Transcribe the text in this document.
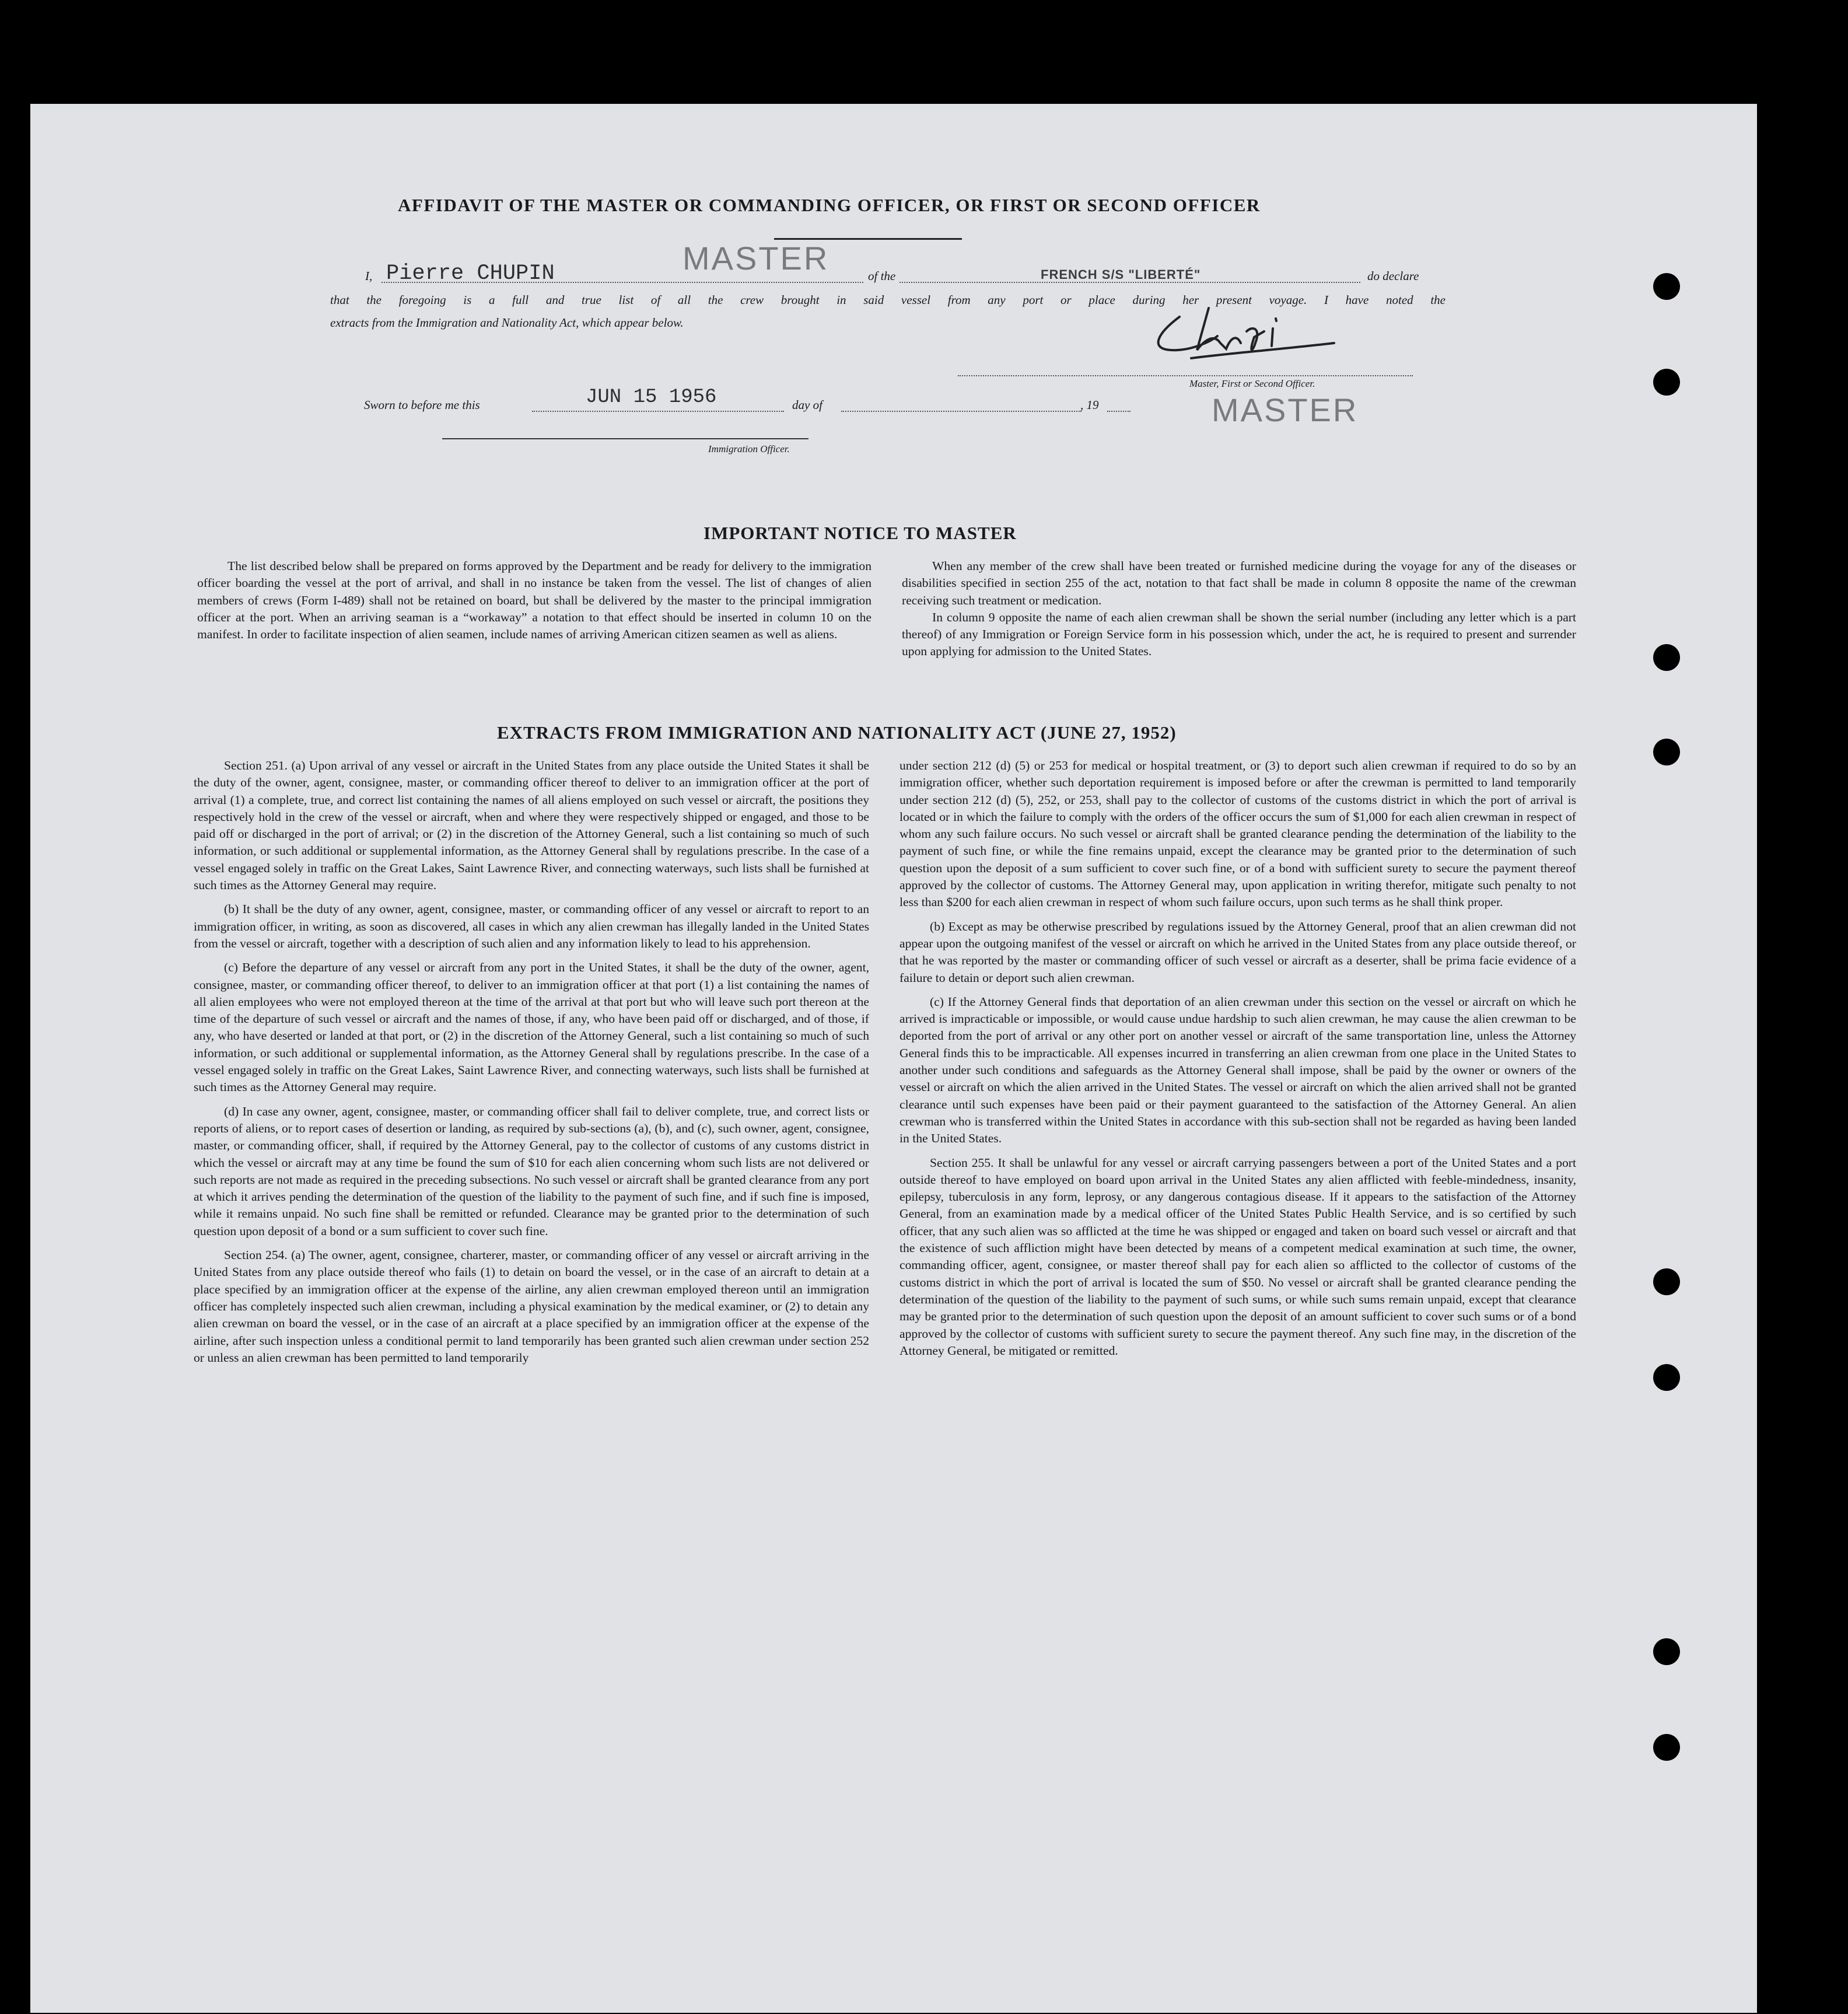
AFFIDAVIT OF THE MASTER OR COMMANDING OFFICER, OR FIRST OR SECOND OFFICER
I, Pierre CHUPIN	MASTER	of the	FRENCH S/S "LIBERTÉ"	do declare
that the foregoing is a full and true list of all the crew brought in said vessel from any port or place during her present voyage. I have noted the
extracts from the Immigration and Nationality Act, which appear below.
Master, First or Second Officer.
MASTER
Sworn to before me this	JUN 15 1956	day of	, 19
Immigration Officer.
IMPORTANT NOTICE TO MASTER

The list described below shall be prepared on forms approved by the Department and be ready for delivery to the immigration officer boarding the vessel at the port of arrival, and shall in no instance be taken from the vessel. The list of changes of alien members of crews (Form I-489) shall not be retained on board, but shall be delivered by the master to the principal immigration officer at the port. When an arriving seaman is a “workaway” a notation to that effect should be inserted in column 10 on the manifest. In order to facilitate inspection of alien seamen, include names of arriving American citizen seamen as well as aliens.

When any member of the crew shall have been treated or furnished medicine during the voyage for any of the diseases or disabilities specified in section 255 of the act, notation to that fact shall be made in column 8 opposite the name of the crewman receiving such treatment or medication.

In column 9 opposite the name of each alien crewman shall be shown the serial number (including any letter which is a part thereof) of any Immigration or Foreign Service form in his possession which, under the act, he is required to present and surrender upon applying for admission to the United States.

EXTRACTS FROM IMMIGRATION AND NATIONALITY ACT (JUNE 27, 1952)

Section 251. (a) Upon arrival of any vessel or aircraft in the United States from any place outside the United States it shall be the duty of the owner, agent, consignee, master, or commanding officer thereof to deliver to an immigration officer at the port of arrival (1) a complete, true, and correct list containing the names of all aliens employed on such vessel or aircraft, the positions they respectively hold in the crew of the vessel or aircraft, when and where they were respectively shipped or engaged, and those to be paid off or discharged in the port of arrival; or (2) in the discretion of the Attorney General, such a list containing so much of such information, or such additional or supplemental information, as the Attorney General shall by regulations prescribe. In the case of a vessel engaged solely in traffic on the Great Lakes, Saint Lawrence River, and connecting waterways, such lists shall be furnished at such times as the Attorney General may require.

(b) It shall be the duty of any owner, agent, consignee, master, or commanding officer of any vessel or aircraft to report to an immigration officer, in writing, as soon as discovered, all cases in which any alien crewman has illegally landed in the United States from the vessel or aircraft, together with a description of such alien and any information likely to lead to his apprehension.

(c) Before the departure of any vessel or aircraft from any port in the United States, it shall be the duty of the owner, agent, consignee, master, or commanding officer thereof, to deliver to an immigration officer at that port (1) a list containing the names of all alien employees who were not employed thereon at the time of the arrival at that port but who will leave such port thereon at the time of the departure of such vessel or aircraft and the names of those, if any, who have been paid off or discharged, and of those, if any, who have deserted or landed at that port, or (2) in the discretion of the Attorney General, such a list containing so much of such information, or such additional or supplemental information, as the Attorney General shall by regulations prescribe. In the case of a vessel engaged solely in traffic on the Great Lakes, Saint Lawrence River, and connecting waterways, such lists shall be furnished at such times as the Attorney General may require.

(d) In case any owner, agent, consignee, master, or commanding officer shall fail to deliver complete, true, and correct lists or reports of aliens, or to report cases of desertion or landing, as required by sub-sections (a), (b), and (c), such owner, agent, consignee, master, or commanding officer, shall, if required by the Attorney General, pay to the collector of customs of any customs district in which the vessel or aircraft may at any time be found the sum of $10 for each alien concerning whom such lists are not delivered or such reports are not made as required in the preceding subsections. No such vessel or aircraft shall be granted clearance from any port at which it arrives pending the determination of the question of the liability to the payment of such fine, and if such fine is imposed, while it remains unpaid. No such fine shall be remitted or refunded. Clearance may be granted prior to the determination of such question upon deposit of a bond or a sum sufficient to cover such fine.

Section 254. (a) The owner, agent, consignee, charterer, master, or commanding officer of any vessel or aircraft arriving in the United States from any place outside thereof who fails (1) to detain on board the vessel, or in the case of an aircraft to detain at a place specified by an immigration officer at the expense of the airline, any alien crewman employed thereon until an immigration officer has completely inspected such alien crewman, including a physical examination by the medical examiner, or (2) to detain any alien crewman on board the vessel, or in the case of an aircraft at a place specified by an immigration officer at the expense of the airline, after such inspection unless a conditional permit to land temporarily has been granted such alien crewman under section 252 or unless an alien crewman has been permitted to land temporarily

under section 212 (d) (5) or 253 for medical or hospital treatment, or (3) to deport such alien crewman if required to do so by an immigration officer, whether such deportation requirement is imposed before or after the crewman is permitted to land temporarily under section 212 (d) (5), 252, or 253, shall pay to the collector of customs of the customs district in which the port of arrival is located or in which the failure to comply with the orders of the officer occurs the sum of $1,000 for each alien crewman in respect of whom any such failure occurs. No such vessel or aircraft shall be granted clearance pending the determination of the liability to the payment of such fine, or while the fine remains unpaid, except the clearance may be granted prior to the determination of such question upon the deposit of a sum sufficient to cover such fine, or of a bond with sufficient surety to secure the payment thereof approved by the collector of customs. The Attorney General may, upon application in writing therefor, mitigate such penalty to not less than $200 for each alien crewman in respect of whom such failure occurs, upon such terms as he shall think proper.

(b) Except as may be otherwise prescribed by regulations issued by the Attorney General, proof that an alien crewman did not appear upon the outgoing manifest of the vessel or aircraft on which he arrived in the United States from any place outside thereof, or that he was reported by the master or commanding officer of such vessel or aircraft as a deserter, shall be prima facie evidence of a failure to detain or deport such alien crewman.

(c) If the Attorney General finds that deportation of an alien crewman under this section on the vessel or aircraft on which he arrived is impracticable or impossible, or would cause undue hardship to such alien crewman, he may cause the alien crewman to be deported from the port of arrival or any other port on another vessel or aircraft of the same transportation line, unless the Attorney General finds this to be impracticable. All expenses incurred in transferring an alien crewman from one place in the United States to another under such conditions and safeguards as the Attorney General shall impose, shall be paid by the owner or owners of the vessel or aircraft on which the alien arrived in the United States. The vessel or aircraft on which the alien arrived shall not be granted clearance until such expenses have been paid or their payment guaranteed to the satisfaction of the Attorney General. An alien crewman who is transferred within the United States in accordance with this sub-section shall not be regarded as having been landed in the United States.

Section 255. It shall be unlawful for any vessel or aircraft carrying passengers between a port of the United States and a port outside thereof to have employed on board upon arrival in the United States any alien afflicted with feeble-mindedness, insanity, epilepsy, tuberculosis in any form, leprosy, or any dangerous contagious disease. If it appears to the satisfaction of the Attorney General, from an examination made by a medical officer of the United States Public Health Service, and is so certified by such officer, that any such alien was so afflicted at the time he was shipped or engaged and taken on board such vessel or aircraft and that the existence of such affliction might have been detected by means of a competent medical examination at such time, the owner, commanding officer, agent, consignee, or master thereof shall pay for each alien so afflicted to the collector of customs of the customs district in which the port of arrival is located the sum of $50. No vessel or aircraft shall be granted clearance pending the determination of the question of the liability to the payment of such sums, or while such sums remain unpaid, except that clearance may be granted prior to the determination of such question upon the deposit of an amount sufficient to cover such sums or of a bond approved by the collector of customs with sufficient surety to secure the payment thereof. Any such fine may, in the discretion of the Attorney General, be mitigated or remitted.
